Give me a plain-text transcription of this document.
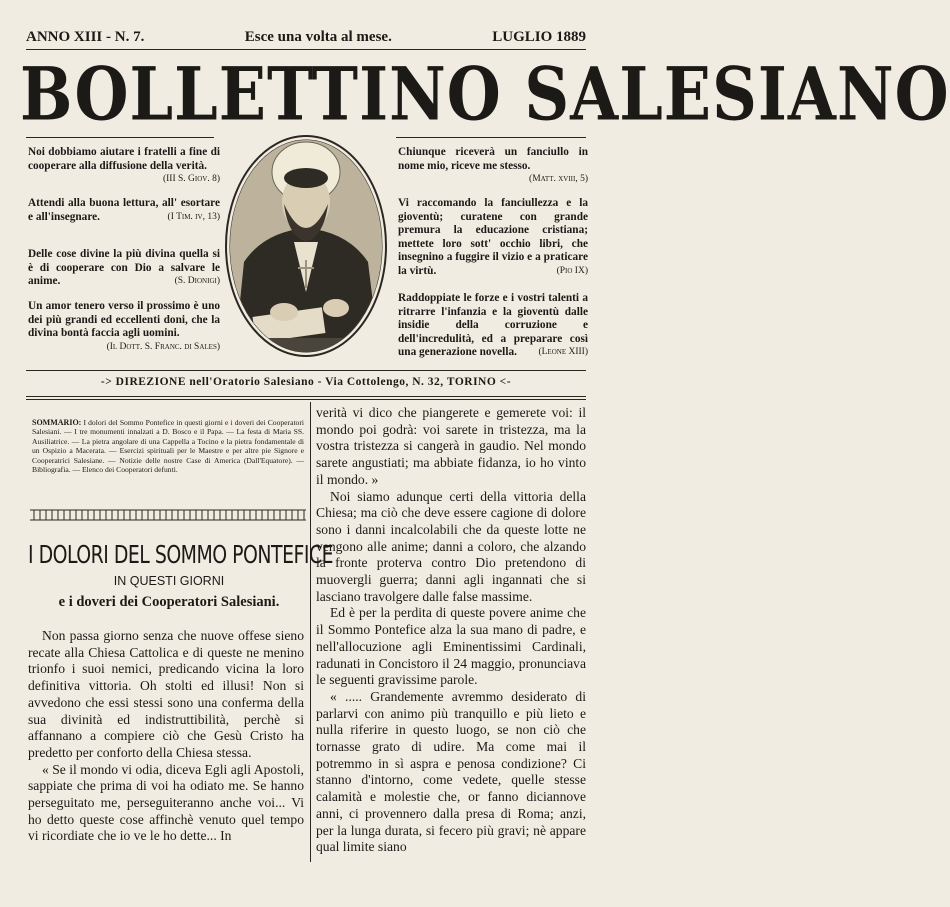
ANNO XIII - N. 7.	Esce una volta al mese.	LUGLIO 1889
BOLLETTINO SALESIANO
Noi dobbiamo aiutare i fratelli a fine di cooperare alla diffusione della verità.
(III S. Giov. 8)
Attendi alla buona lettura, all' esortare e all'insegnare.	(I Tim. iv, 13)
Delle cose divine la più divina quella si è di cooperare con Dio a salvare le anime.	(S. Dionigi)
Un amor tenero verso il prossimo è uno dei più grandi ed eccellenti doni, che la divina bontà faccia agli uomini.
(Il Dott. S. Franc. di Sales)
Chiunque riceverà un fanciullo in nome mio, riceve me stesso.
(Matt. xviii, 5)
Vi raccomando la fanciullezza e la gioventù; curatene con grande premura la educazione cristiana; mettete loro sott' occhio libri, che insegnino a fuggire il vizio e a praticare la virtù.	(Pio IX)
Raddoppiate le forze e i vostri talenti a ritrarre l'infanzia e la gioventù dalle insidie della corruzione e dell'incredulità, ed a preparare così una generazione novella. (Leone XIII)
-> DIREZIONE nell'Oratorio Salesiano - Via Cottolengo, N. 32, TORINO <-
SOMMARIO: I dolori del Sommo Pontefice in questi giorni e i doveri dei Cooperatori Salesiani. — I tre monumenti innalzati a D. Bosco e il Papa. — La festa di Maria SS. Ausiliatrice. — La pietra angolare di una Cappella a Tocino e la pietra fondamentale di un Ospizio a Macerata. — Esercizi spirituali per le Maestre e per altre pie Signore e Cooperatrici Salesiane. — Notizie delle nostre Case di America (Dall'Equatore). — Bibliografia. — Elenco dei Cooperatori defunti.
I DOLORI DEL SOMMO PONTEFICE
IN QUESTI GIORNI
e i doveri dei Cooperatori Salesiani.

Non passa giorno senza che nuove offese sieno recate alla Chiesa Cattolica e di queste ne menino trionfo i suoi nemici, predicando vicina la loro definitiva vittoria. Oh stolti ed illusi! Non si avvedono che essi stessi sono una conferma della sua divinità ed indistruttibilità, perchè si affannano a compiere ciò che Gesù Cristo ha predetto per conforto della Chiesa stessa.

« Se il mondo vi odia, diceva Egli agli Apostoli, sappiate che prima di voi ha odiato me. Se hanno perseguitato me, perseguiteranno anche voi... Vi ho detto queste cose affinchè venuto quel tempo vi ricordiate che io ve le ho dette... In

verità vi dico che piangerete e gemerete voi: il mondo poi godrà: voi sarete in tristezza, ma la vostra tristezza si cangerà in gaudio. Nel mondo sarete angustiati; ma abbiate fidanza, io ho vinto il mondo. »

Noi siamo adunque certi della vittoria della Chiesa; ma ciò che deve essere cagione di dolore sono i danni incalcolabili che da queste lotte ne vengono alle anime; danni a coloro, che alzando la fronte proterva contro Dio pretendono di muovergli guerra; danni agli ingannati che si lasciano travolgere dalle false massime.

Ed è per la perdita di queste povere anime che il Sommo Pontefice alza la sua mano di padre, e nell'allocuzione agli Eminentissimi Cardinali, radunati in Concistoro il 24 maggio, pronunciava le seguenti gravissime parole.

« ..... Grandemente avremmo desiderato di parlarvi con animo più tranquillo e più lieto e nulla riferire in questo luogo, se non ciò che tornasse grato di udire. Ma come mai il potremmo in sì aspra e penosa condizione? Ci stanno d'intorno, come vedete, quelle stesse calamità e molestie che, or fanno diciannove anni, ci provennero dalla presa di Roma; anzi, per la lunga durata, si fecero più gravi; nè appare qual limite siano
